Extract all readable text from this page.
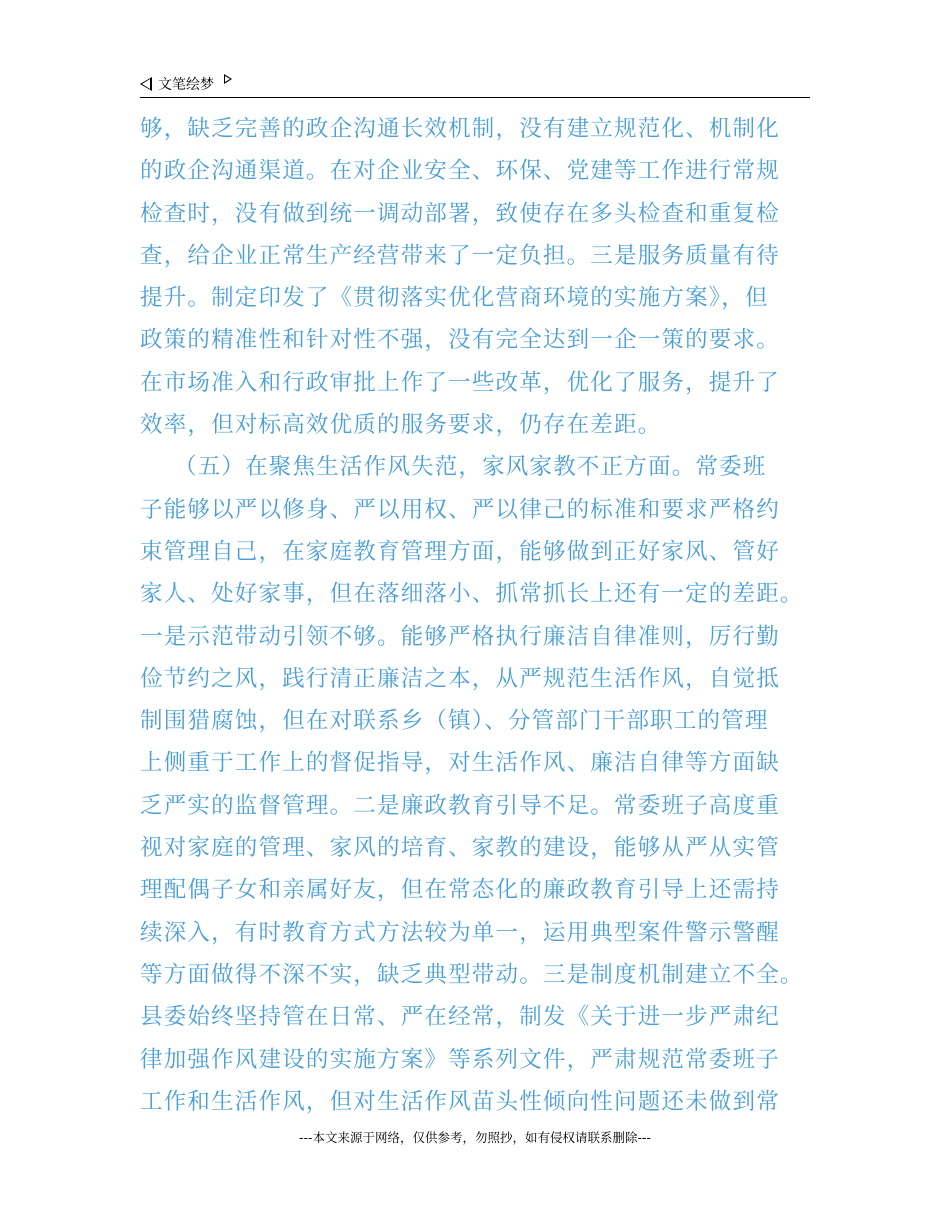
文笔绘梦
够，缺乏完善的政企沟通长效机制，没有建立规范化、机制化
的政企沟通渠道。在对企业安全、环保、党建等工作进行常规
检查时，没有做到统一调动部署，致使存在多头检查和重复检
查，给企业正常生产经营带来了一定负担。三是服务质量有待
提升。制定印发了《贯彻落实优化营商环境的实施方案》，但
政策的精准性和针对性不强，没有完全达到一企一策的要求。
在市场准入和行政审批上作了一些改革，优化了服务，提升了
效率，但对标高效优质的服务要求，仍存在差距。
（五）在聚焦生活作风失范，家风家教不正方面。常委班
子能够以严以修身、严以用权、严以律己的标准和要求严格约
束管理自己，在家庭教育管理方面，能够做到正好家风、管好
家人、处好家事，但在落细落小、抓常抓长上还有一定的差距。
一是示范带动引领不够。能够严格执行廉洁自律准则，厉行勤
俭节约之风，践行清正廉洁之本，从严规范生活作风，自觉抵
制围猎腐蚀，但在对联系乡（镇）、分管部门干部职工的管理
上侧重于工作上的督促指导，对生活作风、廉洁自律等方面缺
乏严实的监督管理。二是廉政教育引导不足。常委班子高度重
视对家庭的管理、家风的培育、家教的建设，能够从严从实管
理配偶子女和亲属好友，但在常态化的廉政教育引导上还需持
续深入，有时教育方式方法较为单一，运用典型案件警示警醒
等方面做得不深不实，缺乏典型带动。三是制度机制建立不全。
县委始终坚持管在日常、严在经常，制发《关于进一步严肃纪
律加强作风建设的实施方案》等系列文件，严肃规范常委班子
工作和生活作风，但对生活作风苗头性倾向性问题还未做到常
---本文来源于网络，仅供参考，勿照抄，如有侵权请联系删除---
